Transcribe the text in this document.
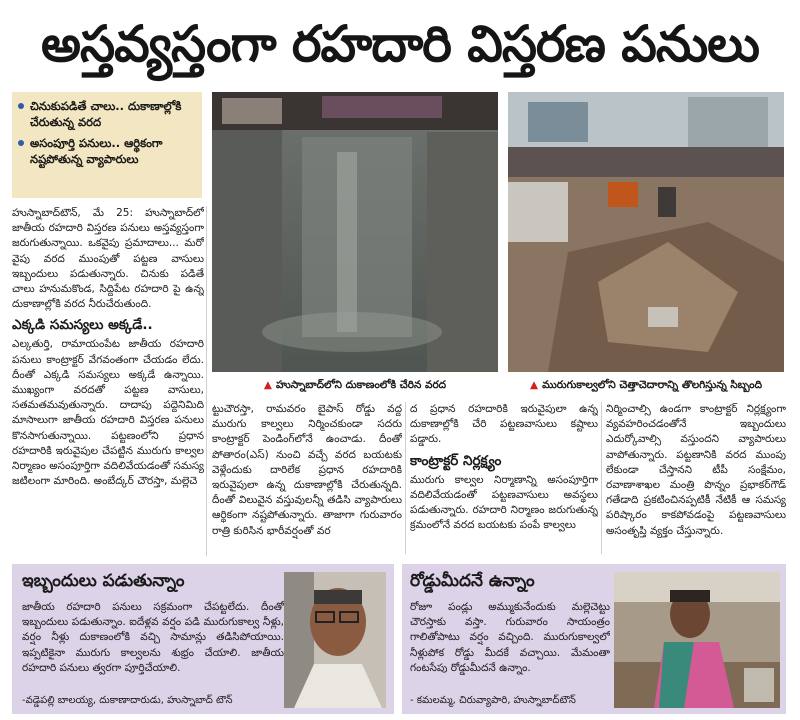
అస్తవ్యస్తంగా రహదారి విస్తరణ పనులు
చినుకుపడితే చాలు.. దుకాణాల్లోకి చేరుతున్న వరద
అసంపూర్తి పనులు.. ఆర్థికంగా నష్టపోతున్న వ్యాపారులు

హుస్నాబాద్‌టౌన్, మే 25: హుస్నాబాద్‌లో జాతీయ రహదారి విస్తరణ పనులు అస్తవ్యస్తంగా జరుగుతున్నాయి. ఒకవైపు ప్రమాదాలు... మరో వైపు వరద ముంపుతో పట్టణ వాసులు ఇబ్బందులు పడుతున్నారు. చినుకు పడితే చాలు హనుమకొండ, సిద్దిపేట రహదారి పై ఉన్న దుకాణాల్లోకి వరద నీరుచేరుతుంది.

ఎక్కడి సమస్యలు అక్కడే..

ఎల్కతుర్తి, రామాయంపేట జాతీయ రహదారి పనులు కాంట్రాక్టర్ వేగవంతంగా చేయడం లేదు. దీంతో ఎక్కడి సమస్యలు అక్కడే ఉన్నాయి. ముఖ్యంగా వరదతో పట్టణ వాసులు, సతమతమవుతున్నారు. దాదాపు పద్దెనిమిది మాసాలుగా జాతీయ రహదారి విస్తరణ పనులు కొనసాగుతున్నాయి. పట్టణంలోని ప్రధాన రహదారికి ఇరువైపుల చేపట్టిన మురుగు కాల్వల నిర్మాణం అసంపూర్తిగా వదిలివేయడంతో సమస్య జటిలంగా మారింది. అంబేద్కర్ చౌరస్తా, మల్లెచె

▲ హుస్నాబాద్‌లోని దుకాణంలోకి చేరిన వరద	▲ మురుగుకాల్వలోని చెత్తాచెదారాన్ని తొలగిస్తున్న సిబ్బంది

ట్టుచౌరస్తా, రామవరం బైపాస్ రోడ్డు వద్ద మురుగు కాల్వలు నిర్మించకుండా సదరు కాంట్రాక్టర్ పెండింగ్‌లోనే ఉంచాడు. దీంతో పోతారం(ఎస్) నుంచి వచ్చే వరద బయటకు వెళ్లేందుకు దారిలేక ప్రధాన రహదారికి ఇరువైపులా ఉన్న దుకాణాల్లోకి చేరుతున్నది. దీంతో విలువైన వస్తువులన్నీ తడిసి వ్యాపారులు ఆర్థికంగా నష్టపోతున్నారు. తాజాగా గురువారం రాత్రి కురిసిన భారీవర్షంతో వర

ద ప్రధాన రహదారికి ఇరువైపులా ఉన్న దుకాణాల్లోకి చేరి పట్టణవాసులు కష్టాలు పడ్డారు.

కాంట్రాక్టర్ నిర్లక్ష్యం

మురుగు కాల్వల నిర్మాణాన్ని అసంపూర్తిగా వదిలివేయడంతో పట్టణవాసులు అవస్థలు పడుతున్నారు. రహదారి నిర్మాణం జరుగుతున్న క్రమంలోనే వరద బయటకు పంపే కాల్వలు

నిర్మించాల్సి ఉండగా కాంట్రాక్టర్ నిర్లక్ష్యంగా వ్యవహరించడంతోనే ఇబ్బందులు ఎదుర్కోవాల్సి వస్తుందని వ్యాపారులు వాపోతున్నారు. పట్టణానికి వరద ముంపు లేకుండా చేస్తానని టీపీ సంక్షేమం, రవాణాశాఖల మంత్రి పొన్నం ప్రభాకర్‌గౌడ్ గతేడాది ప్రకటించినప్పటికీ నేటికీ ఆ సమస్య పరిష్కారం కాకపోవడంపై పట్టణవాసులు అసంతృప్తి వ్యక్తం చేస్తున్నారు.

ఇబ్బందులు పడుతున్నాం
జాతీయ రహదారి పనులు సక్రమంగా చేపట్టలేదు. దీంతో ఇబ్బందులు పడుతున్నాం. ఐదేళ్లవ వర్షం పడి మురుగుకాల్వ నీళ్లు, వర్షం నీళ్లు దుకాణంలోకి వచ్చి సామాన్లు తడిసిపోయాయి. ఇప్పటికైనా మురుగు కాల్వలను శుభ్రం చేయాలి. జాతీయ రహదారి పనులు త్వరగా పూర్తిచేయాలి.
-వడ్డెపల్లి బాలయ్య, దుకాణాదారుడు, హుస్నాబాద్ టౌన్
రోడ్డుమీదనే ఉన్నాం
రోజూ పండ్లు అమ్ముకునేందుకు మల్లెచెట్టు చౌరస్తాకు వస్తా. గురువారం సాయంత్రం గాలితోపాటు వర్షం వచ్చింది. మురుగుకాల్వలో నీళ్లుపోక రోడ్డు మీదకే వచ్చాయి. మేమంతా గంటసేపు రోడ్డుమీదనే ఉన్నాం.
- కమలమ్మ, చిరువ్యాపారి, హుస్నాబాద్‌టౌన్
